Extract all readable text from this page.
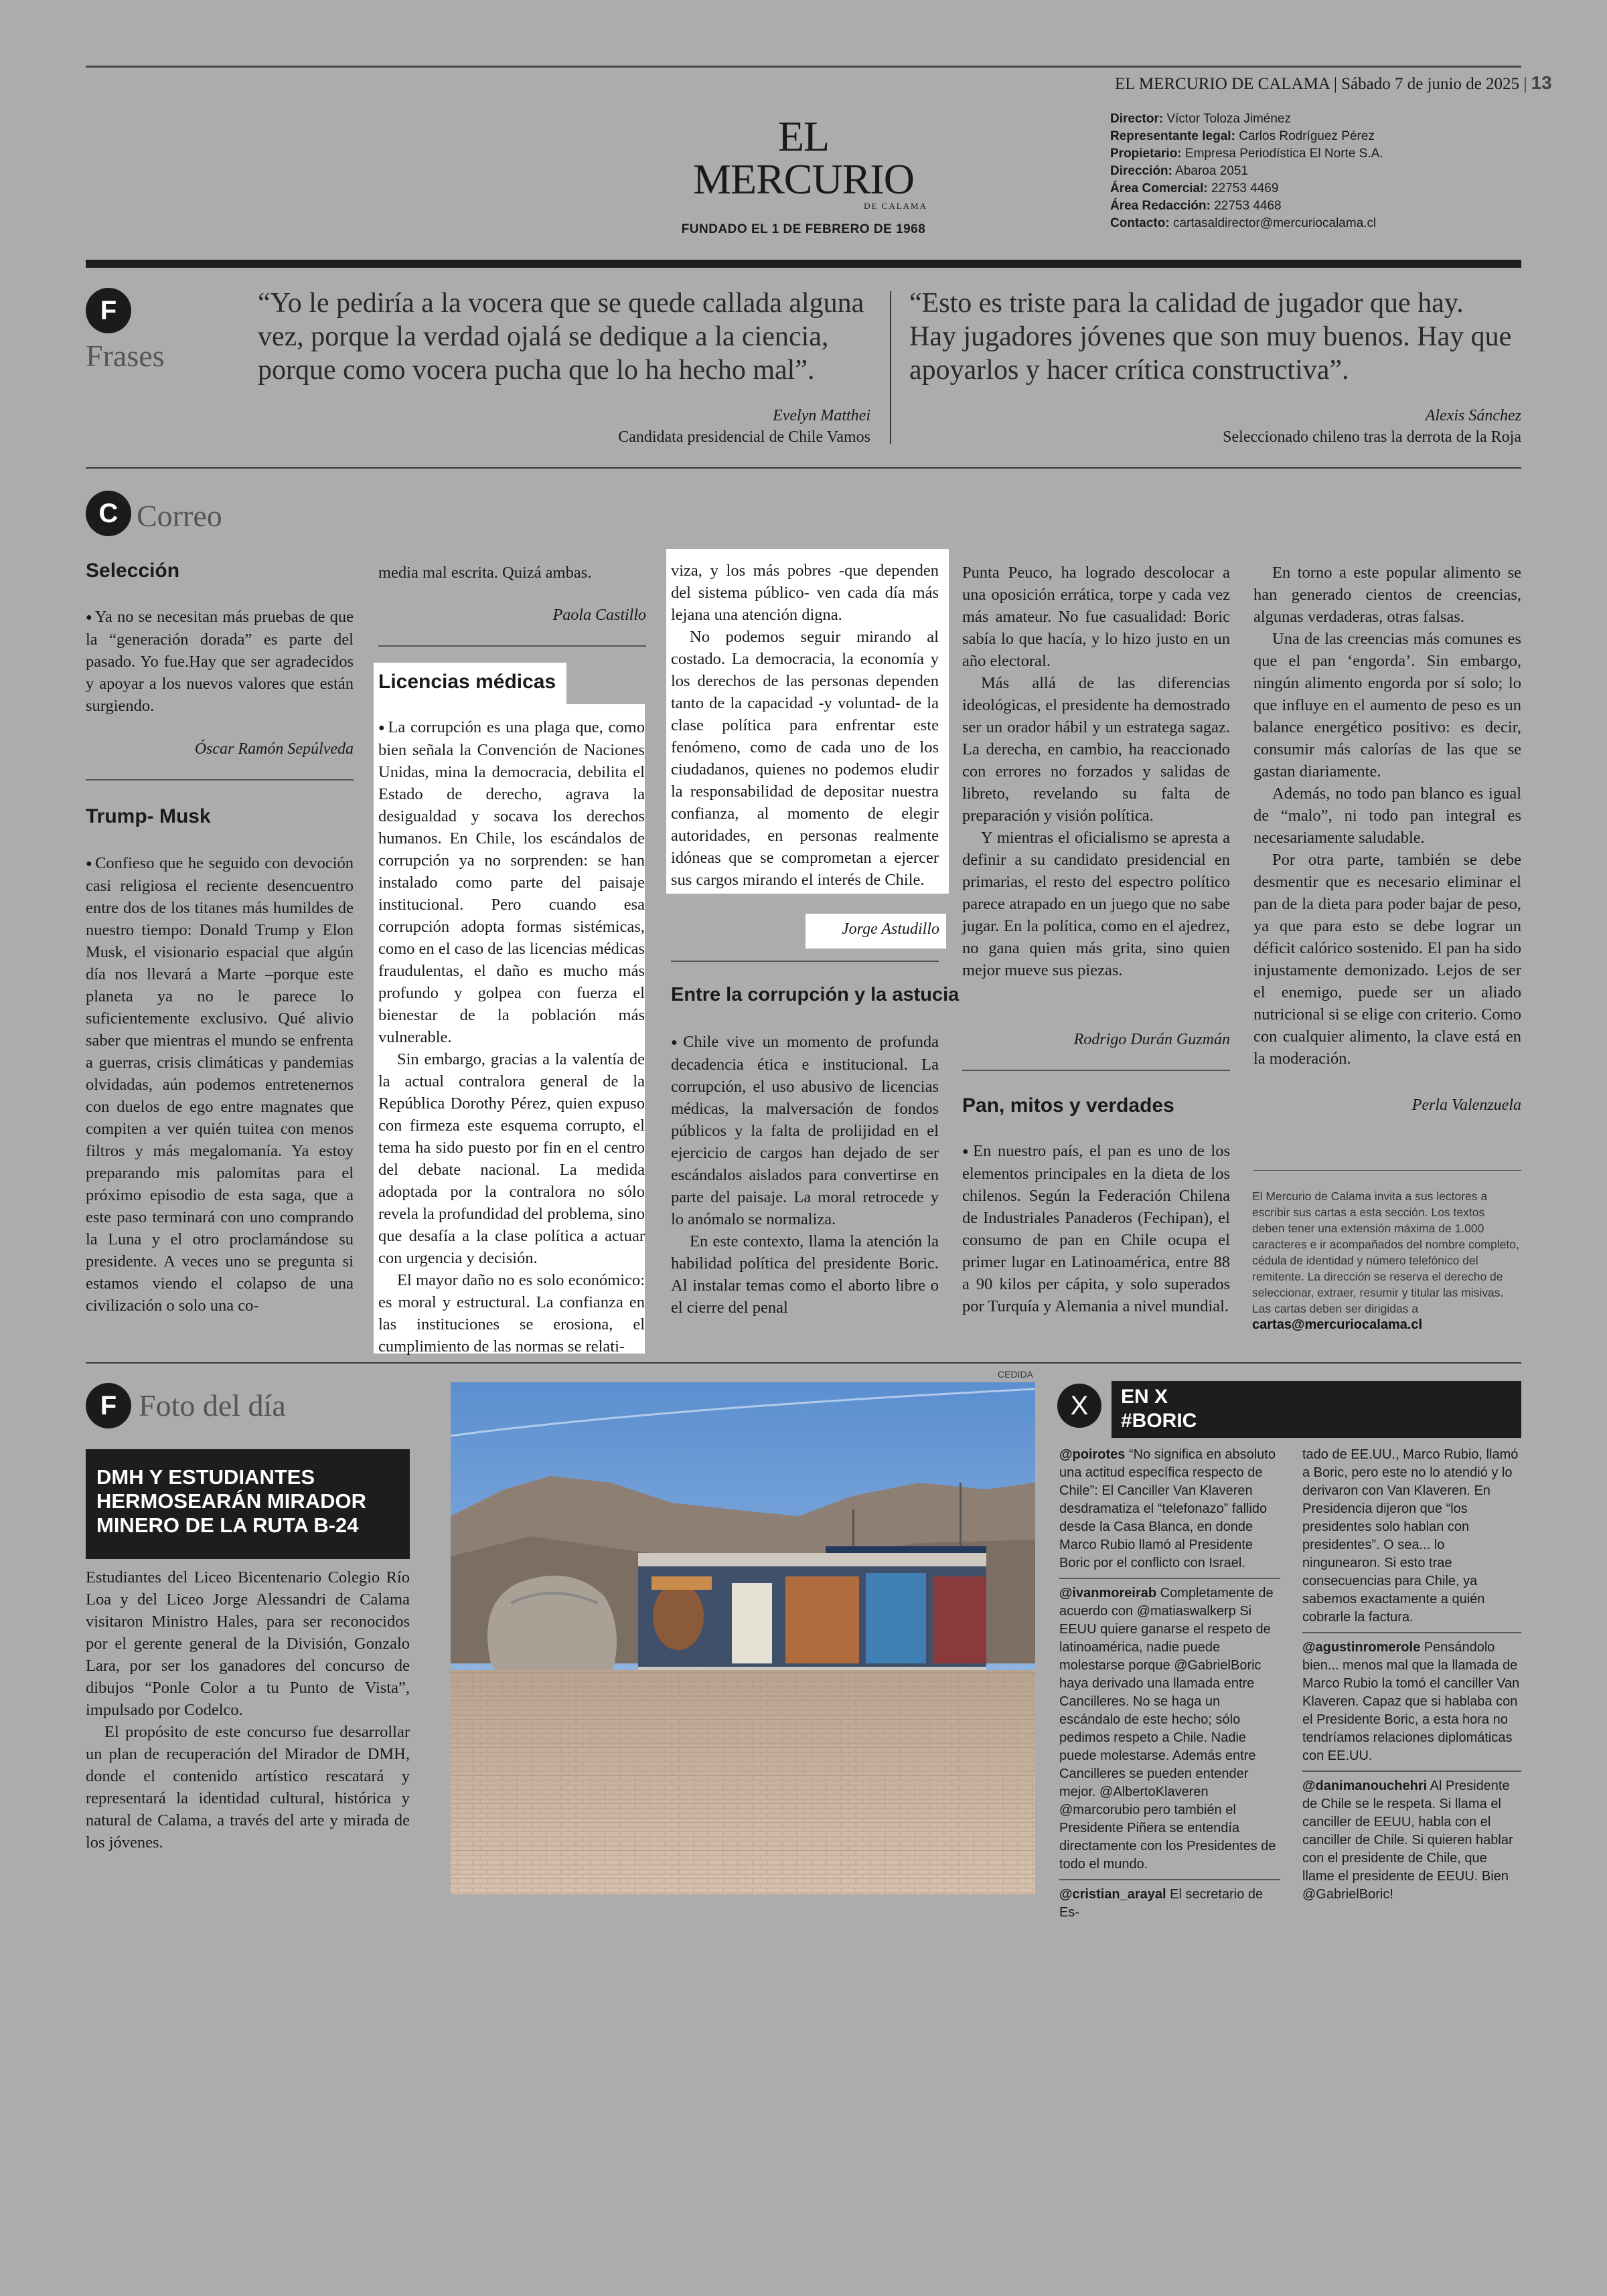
EL MERCURIO DE CALAMA | Sábado 7 de junio de 2025 | 13
EL MERCURIO
DE CALAMA
FUNDADO EL 1 DE FEBRERO DE 1968
Director: Víctor Toloza Jiménez
Representante legal: Carlos Rodríguez Pérez
Propietario: Empresa Periodística El Norte S.A.
Dirección: Abaroa 2051
Área Comercial: 22753 4469
Área Redacción: 22753 4468
Contacto: cartasaldirector@mercuriocalama.cl
F
Frases
“Yo le pediría a la vocera que se quede callada alguna vez, porque la verdad ojalá se dedique a la ciencia, porque como vocera pucha que lo ha hecho mal”.
Evelyn Matthei
Candidata presidencial de Chile Vamos
“Esto es triste para la calidad de jugador que hay. Hay jugadores jóvenes que son muy buenos. Hay que apoyarlos y hacer crítica constructiva”.
Alexis Sánchez
Seleccionado chileno tras la derrota de la Roja
C Correo
Selección

● Ya no se necesitan más pruebas de que la “generación dorada” es parte del pasado. Yo fue.Hay que ser agradecidos y apoyar a los nuevos valores que están surgiendo.

Óscar Ramón Sepúlveda
Trump- Musk

● Confieso que he seguido con devoción casi religiosa el reciente desencuentro entre dos de los titanes más humildes de nuestro tiempo: Donald Trump y Elon Musk, el visionario espacial que algún día nos llevará a Marte –porque este planeta ya no le parece lo suficientemente exclusivo. Qué alivio saber que mientras el mundo se enfrenta a guerras, crisis climáticas y pandemias olvidadas, aún podemos entretenernos con duelos de ego entre magnates que compiten a ver quién tuitea con menos filtros y más megalomanía. Ya estoy preparando mis palomitas para el próximo episodio de esta saga, que a este paso terminará con uno comprando la Luna y el otro proclamándose su presidente. A veces uno se pregunta si estamos viendo el colapso de una civilización o solo una co-

media mal escrita. Quizá ambas.

Paola Castillo
Licencias médicas

● La corrupción es una plaga que, como bien señala la Convención de Naciones Unidas, mina la democracia, debilita el Estado de derecho, agrava la desigualdad y socava los derechos humanos. En Chile, los escándalos de corrupción ya no sorprenden: se han instalado como parte del paisaje institucional. Pero cuando esa corrupción adopta formas sistémicas, como en el caso de las licencias médicas fraudulentas, el daño es mucho más profundo y golpea con fuerza el bienestar de la población más vulnerable.

Sin embargo, gracias a la valentía de la actual contralora general de la República Dorothy Pérez, quien expuso con firmeza este esquema corrupto, el tema ha sido puesto por fin en el centro del debate nacional. La medida adoptada por la contralora no sólo revela la profundidad del problema, sino que desafía a la clase política a actuar con urgencia y decisión.

El mayor daño no es solo económico: es moral y estructural. La confianza en las instituciones se erosiona, el cumplimiento de las normas se relati-

viza, y los más pobres -que dependen del sistema público- ven cada día más lejana una atención digna.

No podemos seguir mirando al costado. La democracia, la economía y los derechos de las personas dependen tanto de la capacidad -y voluntad- de la clase política para enfrentar este fenómeno, como de cada uno de los ciudadanos, quienes no podemos eludir la responsabilidad de depositar nuestra confianza, al momento de elegir autoridades, en personas realmente idóneas que se comprometan a ejercer sus cargos mirando el interés de Chile.

Jorge Astudillo
Entre la corrupción y la astucia

● Chile vive un momento de profunda decadencia ética e institucional. La corrupción, el uso abusivo de licencias médicas, la malversación de fondos públicos y la falta de prolijidad en el ejercicio de cargos han dejado de ser escándalos aislados para convertirse en parte del paisaje. La moral retrocede y lo anómalo se normaliza.

En este contexto, llama la atención la habilidad política del presidente Boric. Al instalar temas como el aborto libre o el cierre del penal

Punta Peuco, ha logrado descolocar a una oposición errática, torpe y cada vez más amateur. No fue casualidad: Boric sabía lo que hacía, y lo hizo justo en un año electoral.

Más allá de las diferencias ideológicas, el presidente ha demostrado ser un orador hábil y un estratega sagaz. La derecha, en cambio, ha reaccionado con errores no forzados y salidas de libreto, revelando su falta de preparación y visión política.

Y mientras el oficialismo se apresta a definir a su candidato presidencial en primarias, el resto del espectro político parece atrapado en un juego que no sabe jugar. En la política, como en el ajedrez, no gana quien más grita, sino quien mejor mueve sus piezas.

Rodrigo Durán Guzmán
Pan, mitos y verdades

● En nuestro país, el pan es uno de los elementos principales en la dieta de los chilenos. Según la Federación Chilena de Industriales Panaderos (Fechipan), el consumo de pan en Chile ocupa el primer lugar en Latinoamérica, entre 88 a 90 kilos per cápita, y solo superados por Turquía y Alemania a nivel mundial.

En torno a este popular alimento se han generado cientos de creencias, algunas verdaderas, otras falsas.

Una de las creencias más comunes es que el pan ‘engorda’. Sin embargo, ningún alimento engorda por sí solo; lo que influye en el aumento de peso es un balance energético positivo: es decir, consumir más calorías de las que se gastan diariamente.

Además, no todo pan blanco es igual de “malo”, ni todo pan integral es necesariamente saludable.

Por otra parte, también se debe desmentir que es necesario eliminar el pan de la dieta para poder bajar de peso, ya que para esto se debe lograr un déficit calórico sostenido. El pan ha sido injustamente demonizado. Lejos de ser el enemigo, puede ser un aliado nutricional si se elige con criterio. Como con cualquier alimento, la clave está en la moderación.

Perla Valenzuela
El Mercurio de Calama invita a sus lectores a escribir sus cartas a esta sección. Los textos deben tener una extensión máxima de 1.000 caracteres e ir acompañados del nombre completo, cédula de identidad y número telefónico del remitente. La dirección se reserva el derecho de seleccionar, extraer, resumir y titular las misivas. Las cartas deben ser dirigidas a cartas@mercuriocalama.cl
F Foto del día
DMH Y ESTUDIANTES HERMOSEARÁN MIRADOR MINERO DE LA RUTA B-24

Estudiantes del Liceo Bicentenario Colegio Río Loa y del Liceo Jorge Alessandri de Calama visitaron Ministro Hales, para ser reconocidos por el gerente general de la División, Gonzalo Lara, por ser los ganadores del concurso de dibujos “Ponle Color a tu Punto de Vista”, impulsado por Codelco.

El propósito de este concurso fue desarrollar un plan de recuperación del Mirador de DMH, donde el contenido artístico rescatará y representará la identidad cultural, histórica y natural de Calama, a través del arte y mirada de los jóvenes.

CEDIDA
X	EN X
#BORIC
@poirotes “No significa en absoluto una actitud específica respecto de Chile”: El Canciller Van Klaveren desdramatiza el “telefonazo” fallido desde la Casa Blanca, en donde Marco Rubio llamó al Presidente Boric por el conflicto con Israel.
@ivanmoreirab Completamente de acuerdo con @matiaswalkerp Si EEUU quiere ganarse el respeto de latinoamérica, nadie puede molestarse porque @GabrielBoric haya derivado una llamada entre Cancilleres. No se haga un escándalo de este hecho; sólo pedimos respeto a Chile. Nadie puede molestarse. Además entre Cancilleres se pueden entender mejor. @AlbertoKlaveren @marcorubio pero también el Presidente Piñera se entendía directamente con los Presidentes de todo el mundo.
@cristian_arayal El secretario de Es-
tado de EE.UU., Marco Rubio, llamó a Boric, pero este no lo atendió y lo derivaron con Van Klaveren. En Presidencia dijeron que “los presidentes solo hablan con presidentes”. O sea... lo ningunearon. Si esto trae consecuencias para Chile, ya sabemos exactamente a quién cobrarle la factura.
@agustinromerole Pensándolo bien... menos mal que la llamada de Marco Rubio la tomó el canciller Van Klaveren. Capaz que si hablaba con el Presidente Boric, a esta hora no tendríamos relaciones diplomáticas con EE.UU.
@danimanouchehri Al Presidente de Chile se le respeta. Si llama el canciller de EEUU, habla con el canciller de Chile. Si quieren hablar con el presidente de Chile, que llame el presidente de EEUU. Bien @GabrielBoric!
